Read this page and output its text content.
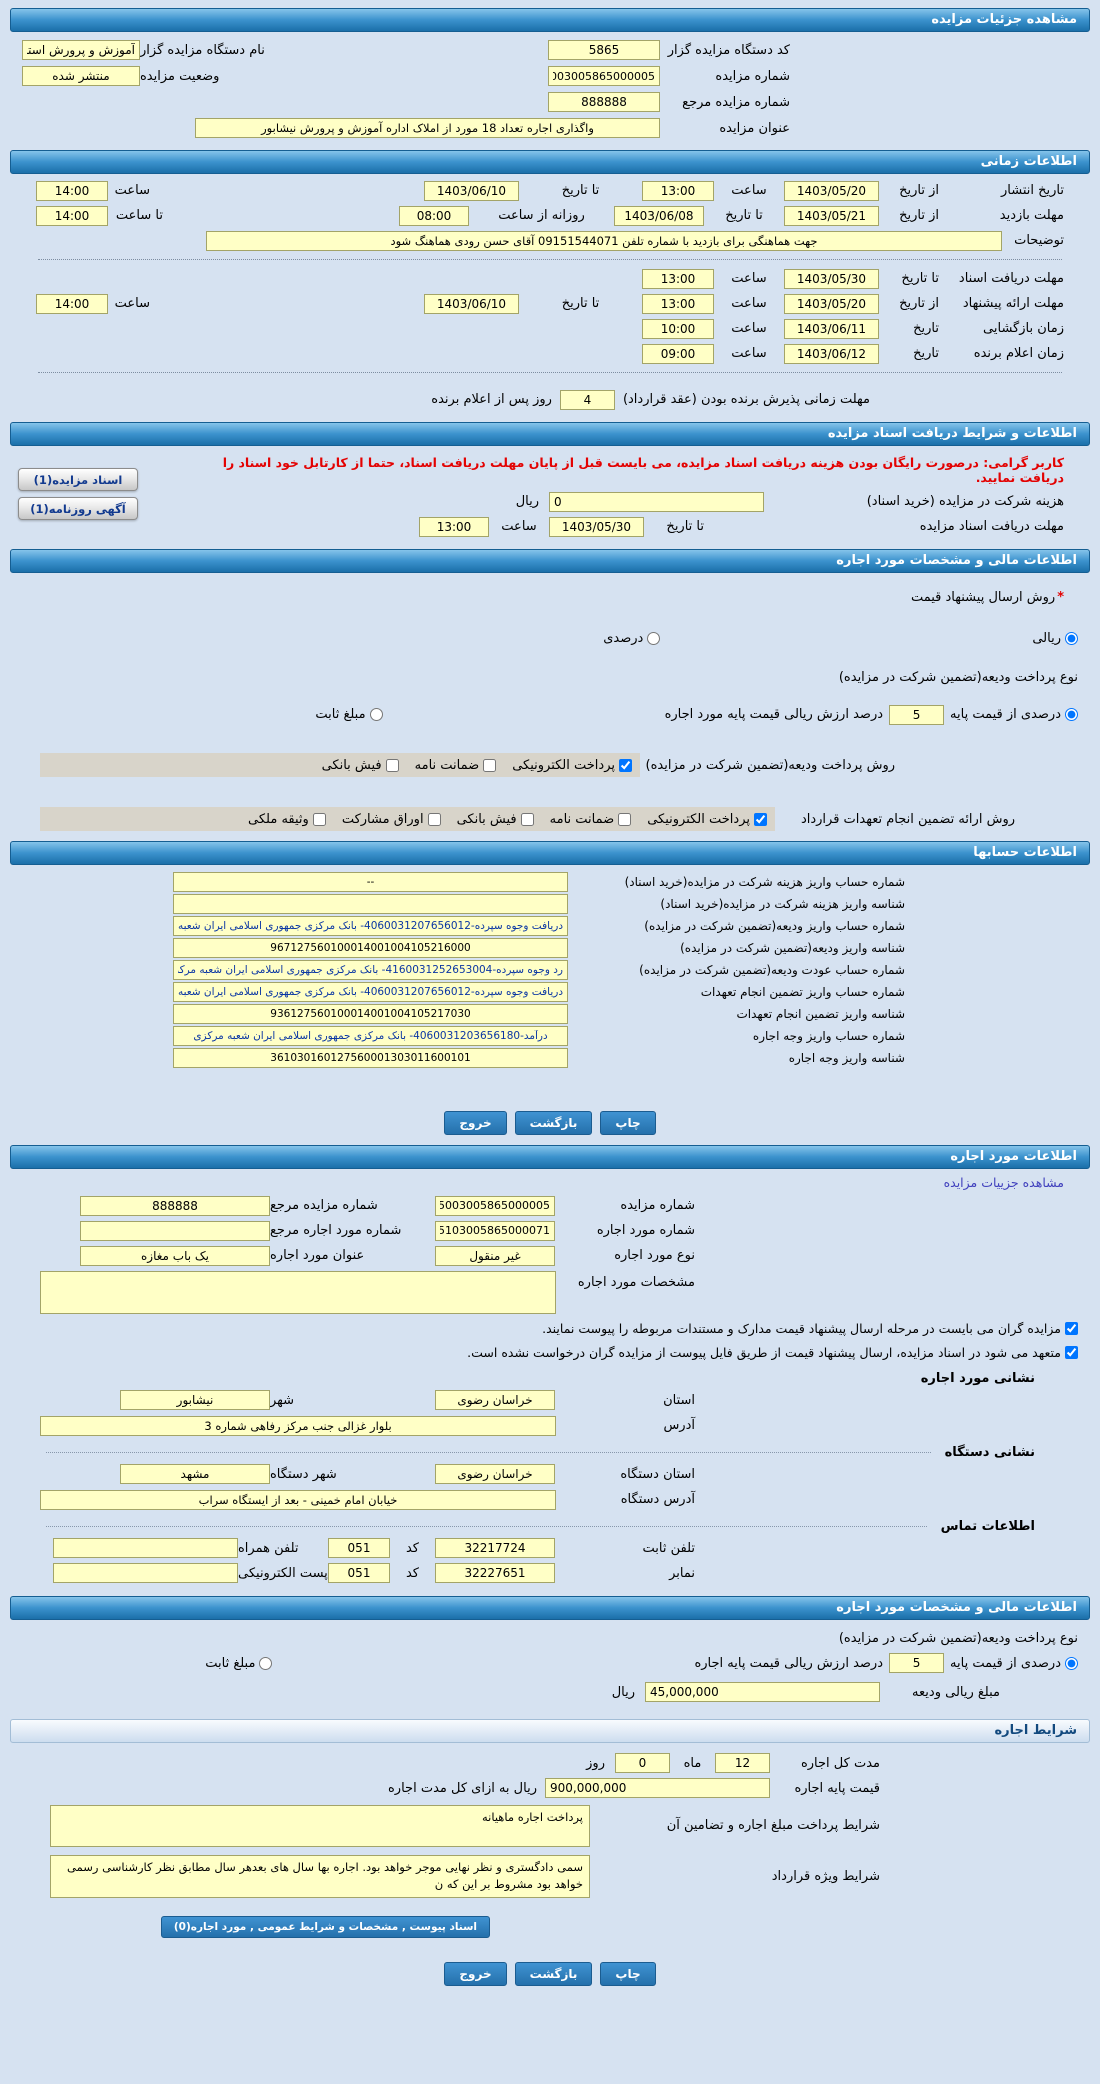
مشاهده جزئیات مزایده
کد دستگاه مزایده گزار
5865
نام دستگاه مزایده گزار
آموزش و پرورش استان خراس
شماره مزایده
5003005865000005
وضعیت مزایده
منتشر شده
شماره مزایده مرجع
888888
عنوان مزایده
واگذاری اجاره تعداد 18 مورد از املاک اداره آموزش و پرورش نیشابور
اطلاعات زمانی
تاریخ انتشار
از تاریخ
1403/05/20
ساعت
13:00
تا تاریخ
1403/06/10
ساعت
14:00
مهلت بازدید
از تاریخ
1403/05/21
تا تاریخ
1403/06/08
روزانه از ساعت
08:00
تا ساعت
14:00
توضیحات
جهت هماهنگی برای بازدید با شماره تلفن 09151544071 آقای حسن رودی هماهنگ شود
مهلت دریافت اسناد
تا تاریخ
1403/05/30
ساعت
13:00
مهلت ارائه پیشنهاد
از تاریخ
1403/05/20
ساعت
13:00
تا تاریخ
1403/06/10
ساعت
14:00
زمان بازگشایی
تاریخ
1403/06/11
ساعت
10:00
زمان اعلام برنده
تاریخ
1403/06/12
ساعت
09:00
مهلت زمانی پذیرش برنده بودن (عقد قرارداد)
4
روز پس از اعلام برنده
اطلاعات و شرایط دریافت اسناد مزایده
کاربر گرامی: درصورت رایگان بودن هزینه دریافت اسناد مزایده، می بایست قبل از پایان مهلت دریافت اسناد، حتما از کارتابل خود اسناد را دریافت نمایید.
هزینه شرکت در مزایده (خرید اسناد)
0
ریال
مهلت دریافت اسناد مزایده
تا تاریخ
1403/05/30
ساعت
13:00
اسناد مزایده(1)
آگهی روزنامه(1)
اطلاعات مالی و مشخصات مورد اجاره
*
روش ارسال پیشنهاد قیمت
ریالی
درصدی
نوع پرداخت ودیعه(تضمین شرکت در مزایده)
درصدی از قیمت پایه
5
درصد ارزش ریالی قیمت پایه مورد اجاره
مبلغ ثابت
روش پرداخت ودیعه(تضمین شرکت در مزایده)
پرداخت الکترونیکی
ضمانت نامه
فیش بانکی
روش ارائه تضمین انجام تعهدات قرارداد
پرداخت الکترونیکی
ضمانت نامه
فیش بانکی
اوراق مشارکت
وثیقه ملکی
اطلاعات حسابها
شماره حساب واریز هزینه شرکت در مزایده(خرید اسناد)
--
شناسه واریز هزینه شرکت در مزایده(خرید اسناد)
شماره حساب واریز ودیعه(تضمین شرکت در مزایده)
دریافت وجوه سپرده-4060031207656012- بانک مرکزی جمهوری اسلامی ایران شعبه مرکزی
شناسه واریز ودیعه(تضمین شرکت در مزایده)
967127560100014001004105216000
شماره حساب عودت ودیعه(تضمین شرکت در مزایده)
رد وجوه سپرده-4160031252653004- بانک مرکزی جمهوری اسلامی ایران شعبه مرکزی
شماره حساب واریز تضمین انجام تعهدات
دریافت وجوه سپرده-4060031207656012- بانک مرکزی جمهوری اسلامی ایران شعبه مرکزی
شناسه واریز تضمین انجام تعهدات
936127560100014001004105217030
شماره حساب واریز وجه اجاره
درآمد-4060031203656180- بانک مرکزی جمهوری اسلامی ایران شعبه مرکزی
شناسه واریز وجه اجاره
361030160127560001303011600101
چاپ
بازگشت
خروج
اطلاعات مورد اجاره
مشاهده جزییات مزایده
شماره مزایده
5003005865000005
شماره مزایده مرجع
888888
شماره مورد اجاره
5103005865000071
شماره مورد اجاره مرجع
نوع مورد اجاره
غیر منقول
عنوان مورد اجاره
یک باب مغازه
مشخصات مورد اجاره
مزایده گران می بایست در مرحله ارسال پیشنهاد قیمت مدارک و مستندات مربوطه را پیوست نمایند.
متعهد می شود در اسناد مزایده، ارسال پیشنهاد قیمت از طریق فایل پیوست از مزایده گران درخواست نشده است.
نشانی مورد اجاره
استان
خراسان رضوی
شهر
نیشابور
آدرس
بلوار غزالی جنب مرکز رفاهی شماره 3
نشانی دستگاه
استان دستگاه
خراسان رضوی
شهر دستگاه
مشهد
آدرس دستگاه
خیابان امام خمینی - بعد از ایستگاه سراب
اطلاعات تماس
تلفن ثابت
32217724
کد
051
تلفن همراه
نمابر
32227651
کد
051
پست الکترونیکی
اطلاعات مالی و مشخصات مورد اجاره
نوع پرداخت ودیعه(تضمین شرکت در مزایده)
درصدی از قیمت پایه
5
درصد ارزش ریالی قیمت پایه اجاره
مبلغ ثابت
مبلغ ریالی ودیعه
45,000,000
ریال
شرایط اجاره
مدت کل اجاره
12
ماه
0
روز
قیمت پایه اجاره
900,000,000
ریال به ازای کل مدت اجاره
شرایط پرداخت مبلغ اجاره و تضامین آن
پرداخت اجاره ماهیانه
شرایط ویژه قرارداد
سمی دادگستری و نظر نهایی موجر خواهد بود. اجاره بها سال های بعدهر سال مطابق نظر کارشناسی رسمی خواهد بود مشروط بر این که ن
اسناد پیوست , مشخصات و شرایط عمومی , مورد اجاره(0)
چاپ
بازگشت
خروج
